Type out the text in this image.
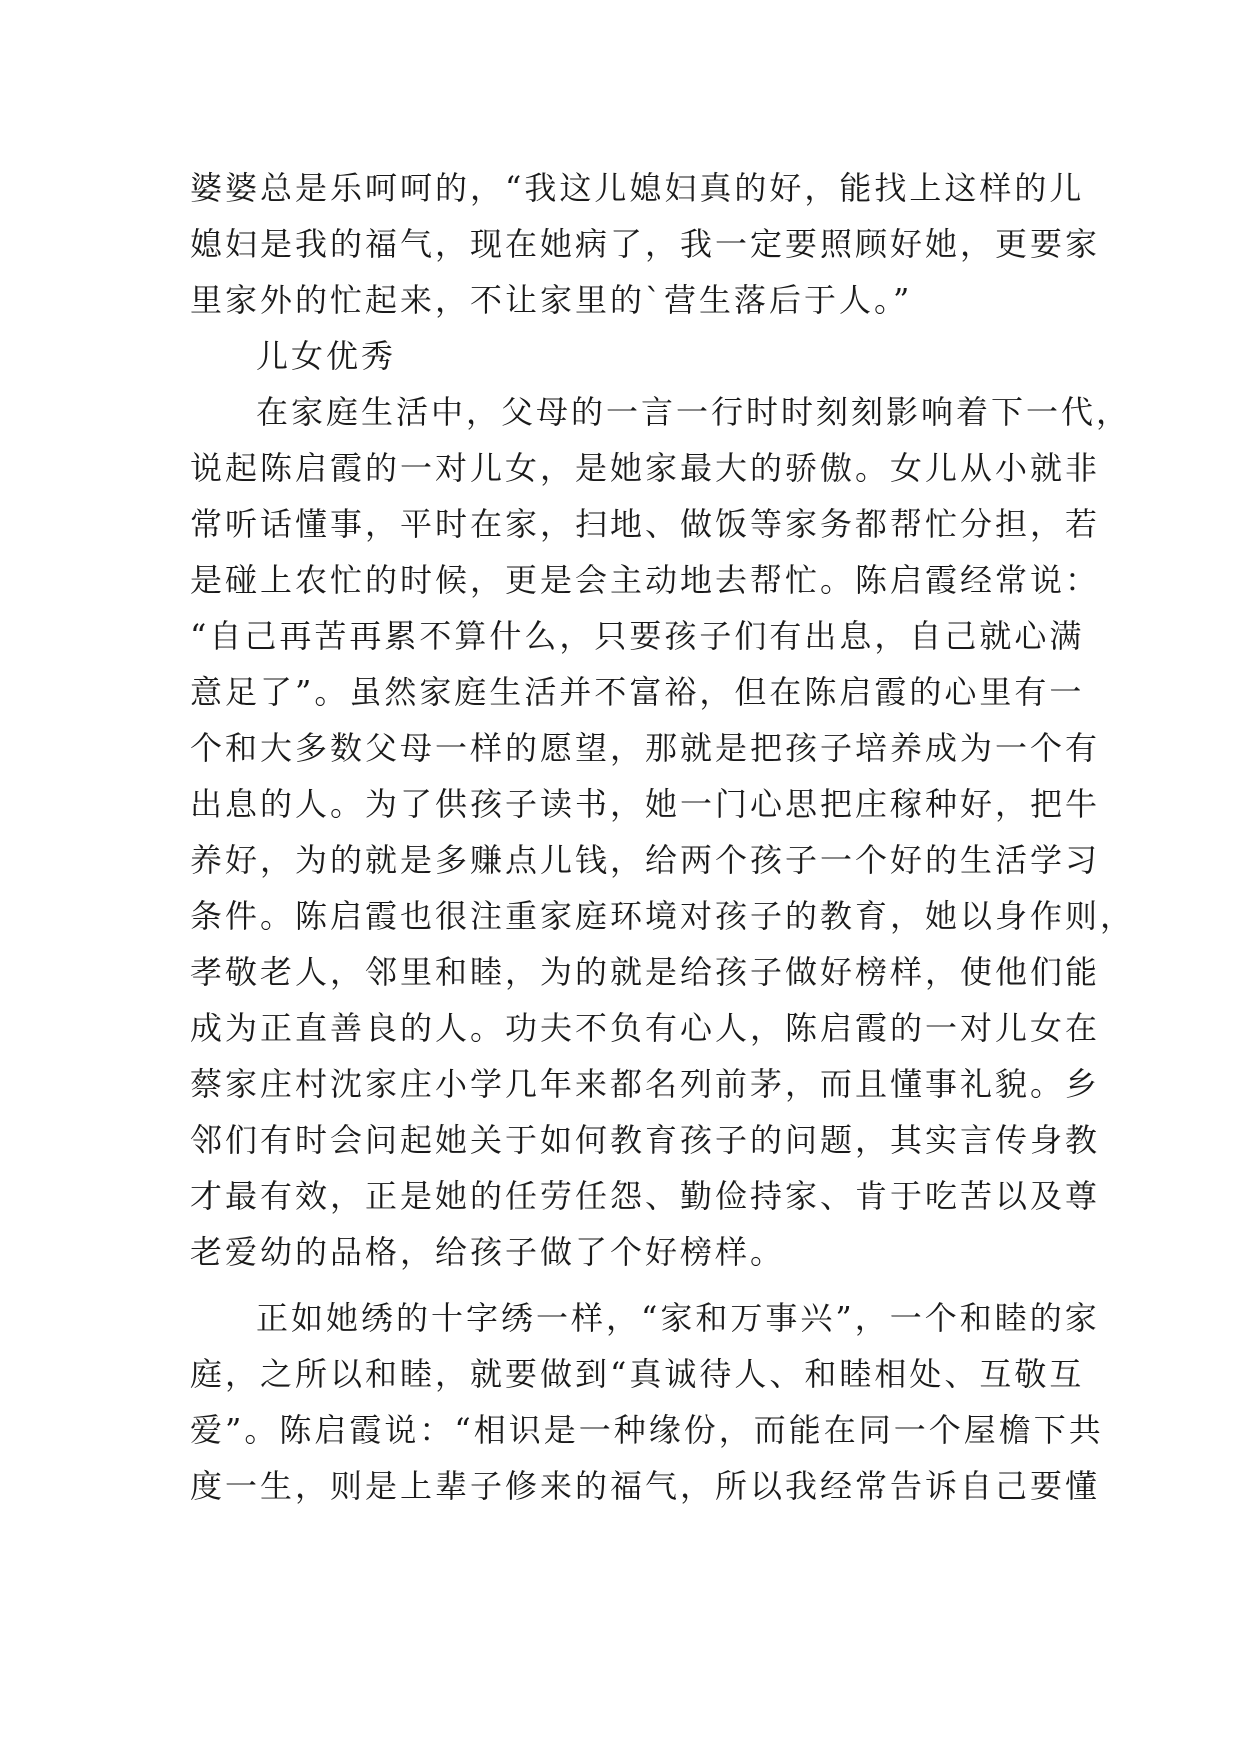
婆婆总是乐呵呵的，“我这儿媳妇真的好，能找上这样的儿
媳妇是我的福气，现在她病了，我一定要照顾好她，更要家
里家外的忙起来，不让家里的`营生落后于人。”
儿女优秀
在家庭生活中，父母的一言一行时时刻刻影响着下一代，
说起陈启霞的一对儿女，是她家最大的骄傲。女儿从小就非
常听话懂事，平时在家，扫地、做饭等家务都帮忙分担，若
是碰上农忙的时候，更是会主动地去帮忙。陈启霞经常说：
“自己再苦再累不算什么，只要孩子们有出息，自己就心满
意足了”。虽然家庭生活并不富裕，但在陈启霞的心里有一
个和大多数父母一样的愿望，那就是把孩子培养成为一个有
出息的人。为了供孩子读书，她一门心思把庄稼种好，把牛
养好，为的就是多赚点儿钱，给两个孩子一个好的生活学习
条件。陈启霞也很注重家庭环境对孩子的教育，她以身作则，
孝敬老人，邻里和睦，为的就是给孩子做好榜样，使他们能
成为正直善良的人。功夫不负有心人，陈启霞的一对儿女在
蔡家庄村沈家庄小学几年来都名列前茅，而且懂事礼貌。乡
邻们有时会问起她关于如何教育孩子的问题，其实言传身教
才最有效，正是她的任劳任怨、勤俭持家、肯于吃苦以及尊
老爱幼的品格，给孩子做了个好榜样。
正如她绣的十字绣一样，“家和万事兴”，一个和睦的家
庭，之所以和睦，就要做到“真诚待人、和睦相处、互敬互
爱”。陈启霞说：“相识是一种缘份，而能在同一个屋檐下共
度一生，则是上辈子修来的福气，所以我经常告诉自己要懂
